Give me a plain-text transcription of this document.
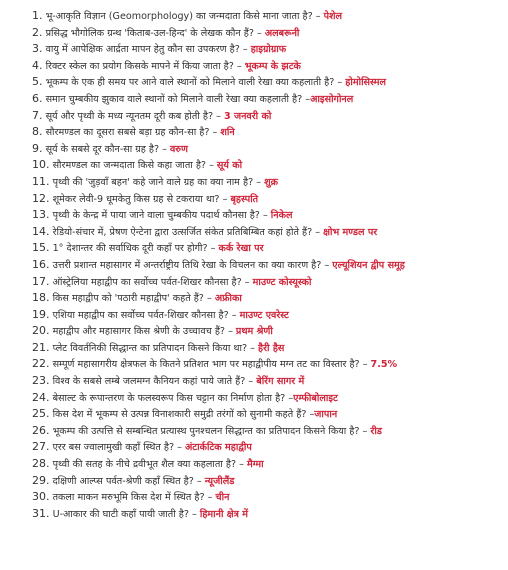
1. भू-आकृति विज्ञान (Geomorphology) का जन्मदाता किसे माना जाता है? – पेशेल
2. प्रसिद्ध भौगोलिक ग्रन्थ 'किताब-उल-हिन्द' के लेखक कौन हैं? – अलबरूनी
3. वायु में आपेक्षिक आर्द्रता मापन हेतु कौन सा उपकरण है? – हाइग्रोग्राफ
4. रिक्टर स्केल का प्रयोग किसके मापने में किया जाता है? – भूकम्प के झटके
5. भूकम्प के एक ही समय पर आने वाले स्थानों को मिलाने वाली रेखा क्या कहलाती है? – होमोसिस्मल
6. समान चुम्बकीय झुकाव वाले स्थानों को मिलाने वाली रेखा क्या कहलाती है? –आइसोगोनल
7. सूर्य और पृथ्वी के मध्य न्यूनतम दूरी कब होती है? – 3 जनवरी को
8. सौरमण्डल का दूसरा सबसे बड़ा ग्रह कौन-सा है? – शनि
9. सूर्य के सबसे दूर कौन-सा ग्रह है? – वरुण
10. सौरमण्डल का जन्मदाता किसे कहा जाता है? – सूर्य को
11. पृथ्वी की 'जुड़वाँ बहन' कहे जाने वाले ग्रह का क्या नाम है? – शुक्र
12. शूमेकर लेवी-9 धूमकेतु किस ग्रह से टकराया था? – बृहस्पति
13. पृथ्वी के केन्द्र में पाया जाने वाला चुम्बकीय पदार्थ कौनसा है? – निकेल
14. रेडियो-संचार में, प्रेषण ऐन्टेना द्वारा उत्सर्जित संकेत प्रतिबिम्बित कहां होते हैं? – क्षोभ मण्डल पर
15. 1° देशान्तर की सर्वाधिक दूरी कहाँ पर होगी? – कर्क रेखा पर
16. उत्तरी प्रशान्त महासागर में अन्तर्राष्ट्रीय तिथि रेखा के विचलन का क्या कारण है? – एल्यूशियन द्वीप समूह
17. ऑस्ट्रेलिया महाद्वीप का सर्वोच्च पर्वत-शिखर कौनसा है? – माउण्ट कोस्यूस्को
18. किस महाद्वीप को 'पठारी महाद्वीप' कहते हैं? – अफ्रीका
19. एशिया महाद्वीप का सर्वोच्च पर्वत-शिखर कौनसा है? – माउण्ट एवरेस्ट
20. महाद्वीप और महासागर किस श्रेणी के उच्चावच हैं? – प्रथम श्रेणी
21. प्लेट विवर्तनिकी सिद्धान्त का प्रतिपादन किसने किया था? – हैरी हैस
22. सम्पूर्ण महासागरीय क्षेत्रफल के कितने प्रतिशत भाग पर महाद्वीपीय मग्न तट का विस्तार है? – 7.5%
23. विश्व के सबसे लम्बे जलमग्न कैनियन कहां पाये जाते हैं? – बेरिंग सागर में
24. बेसाल्ट के रूपान्तरण के फलस्वरूप किस चट्टान का निर्माण होता है? –एम्फीबोलाइट
25. किस देश में भूकम्प से उत्पन्न विनाशकारी समुद्री तरंगों को सुनामी कहते हैं? –जापान
26. भूकम्प की उत्पत्ति से सम्बन्धित प्रत्यास्थ पुनश्चलन सिद्धान्त का प्रतिपादन किसने किया है? – रीड
27. एरर बस ज्वालामुखी कहाँ स्थित है? – अंटार्कटिक महाद्वीप
28. पृथ्वी की सतह के नीचे द्रवीभूत शैल क्या कहलाता है? – मैग्मा
29. दक्षिणी आल्प्स पर्वत-श्रेणी कहाँ स्थित है? – न्यूजीलैंड
30. तकला माकन मरुभूमि किस देश में स्थित है? – चीन
31. U-आकार की घाटी कहाँ पायी जाती है? – हिमानी क्षेत्र में
